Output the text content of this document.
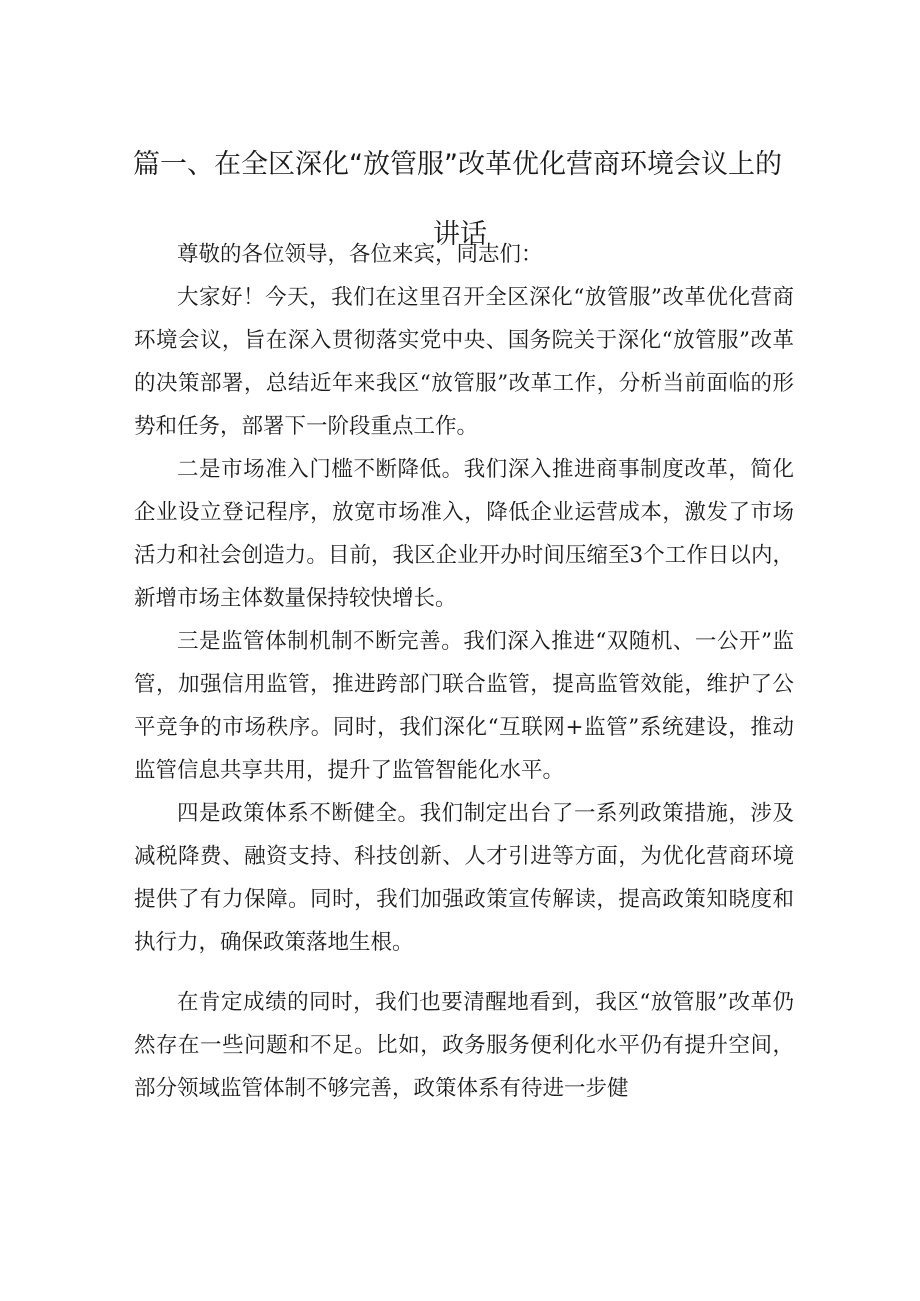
篇一、在全区深化“放管服”改革优化营商环境会议上的
讲话

尊敬的各位领导，各位来宾，同志们：

大家好！今天，我们在这里召开全区深化“放管服”改革优化营商环境会议，旨在深入贯彻落实党中央、国务院关于深化“放管服”改革的决策部署，总结近年来我区“放管服”改革工作，分析当前面临的形势和任务，部署下一阶段重点工作。

二是市场准入门槛不断降低。我们深入推进商事制度改革，简化企业设立登记程序，放宽市场准入，降低企业运营成本，激发了市场活力和社会创造力。目前，我区企业开办时间压缩至3个工作日以内，新增市场主体数量保持较快增长。

三是监管体制机制不断完善。我们深入推进“双随机、一公开”监管，加强信用监管，推进跨部门联合监管，提高监管效能，维护了公平竞争的市场秩序。同时，我们深化“互联网+监管”系统建设，推动监管信息共享共用，提升了监管智能化水平。

四是政策体系不断健全。我们制定出台了一系列政策措施，涉及减税降费、融资支持、科技创新、人才引进等方面，为优化营商环境提供了有力保障。同时，我们加强政策宣传解读，提高政策知晓度和执行力，确保政策落地生根。

在肯定成绩的同时，我们也要清醒地看到，我区“放管服”改革仍然存在一些问题和不足。比如，政务服务便利化水平仍有提升空间，部分领域监管体制不够完善，政策体系有待进一步健
